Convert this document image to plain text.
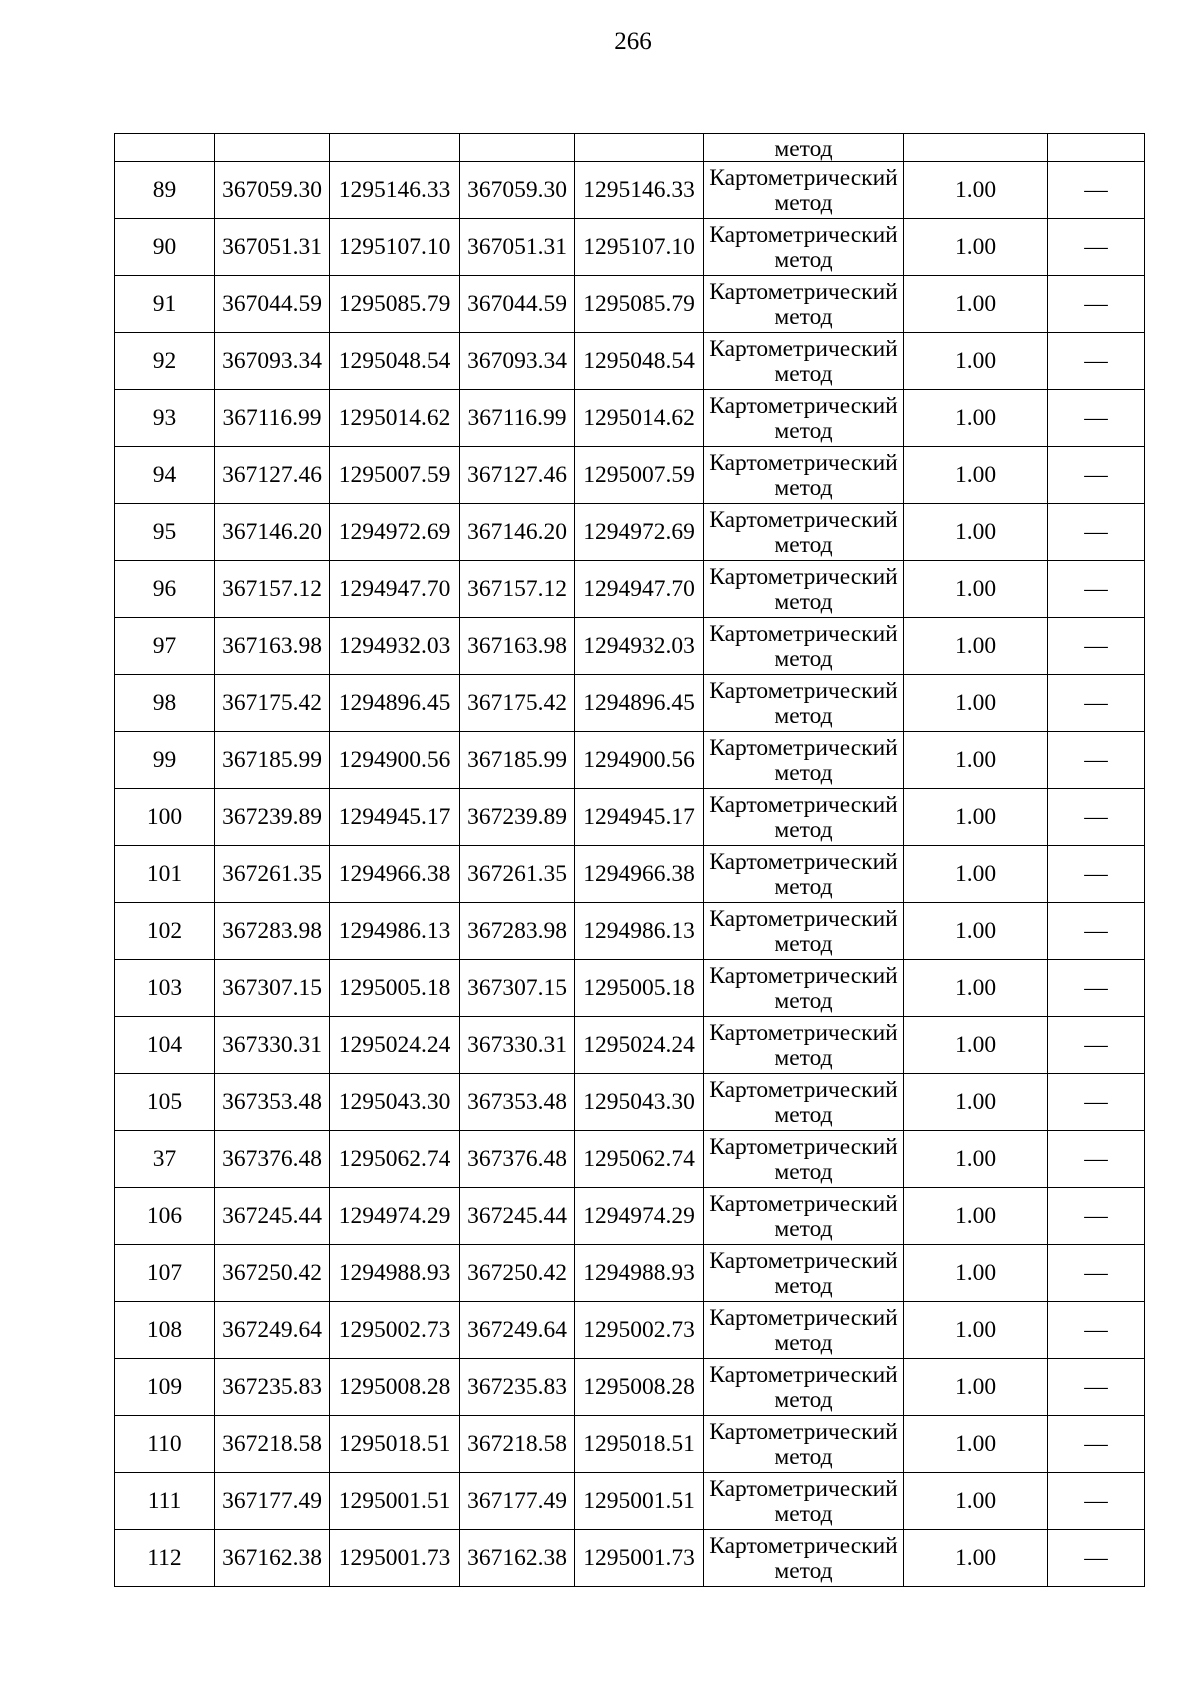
266
					метод		
89	367059.30	1295146.33	367059.30	1295146.33	Картометрический
метод	1.00	—
90	367051.31	1295107.10	367051.31	1295107.10	Картометрический
метод	1.00	—
91	367044.59	1295085.79	367044.59	1295085.79	Картометрический
метод	1.00	—
92	367093.34	1295048.54	367093.34	1295048.54	Картометрический
метод	1.00	—
93	367116.99	1295014.62	367116.99	1295014.62	Картометрический
метод	1.00	—
94	367127.46	1295007.59	367127.46	1295007.59	Картометрический
метод	1.00	—
95	367146.20	1294972.69	367146.20	1294972.69	Картометрический
метод	1.00	—
96	367157.12	1294947.70	367157.12	1294947.70	Картометрический
метод	1.00	—
97	367163.98	1294932.03	367163.98	1294932.03	Картометрический
метод	1.00	—
98	367175.42	1294896.45	367175.42	1294896.45	Картометрический
метод	1.00	—
99	367185.99	1294900.56	367185.99	1294900.56	Картометрический
метод	1.00	—
100	367239.89	1294945.17	367239.89	1294945.17	Картометрический
метод	1.00	—
101	367261.35	1294966.38	367261.35	1294966.38	Картометрический
метод	1.00	—
102	367283.98	1294986.13	367283.98	1294986.13	Картометрический
метод	1.00	—
103	367307.15	1295005.18	367307.15	1295005.18	Картометрический
метод	1.00	—
104	367330.31	1295024.24	367330.31	1295024.24	Картометрический
метод	1.00	—
105	367353.48	1295043.30	367353.48	1295043.30	Картометрический
метод	1.00	—
37	367376.48	1295062.74	367376.48	1295062.74	Картометрический
метод	1.00	—
106	367245.44	1294974.29	367245.44	1294974.29	Картометрический
метод	1.00	—
107	367250.42	1294988.93	367250.42	1294988.93	Картометрический
метод	1.00	—
108	367249.64	1295002.73	367249.64	1295002.73	Картометрический
метод	1.00	—
109	367235.83	1295008.28	367235.83	1295008.28	Картометрический
метод	1.00	—
110	367218.58	1295018.51	367218.58	1295018.51	Картометрический
метод	1.00	—
111	367177.49	1295001.51	367177.49	1295001.51	Картометрический
метод	1.00	—
112	367162.38	1295001.73	367162.38	1295001.73	Картометрический
метод	1.00	—
